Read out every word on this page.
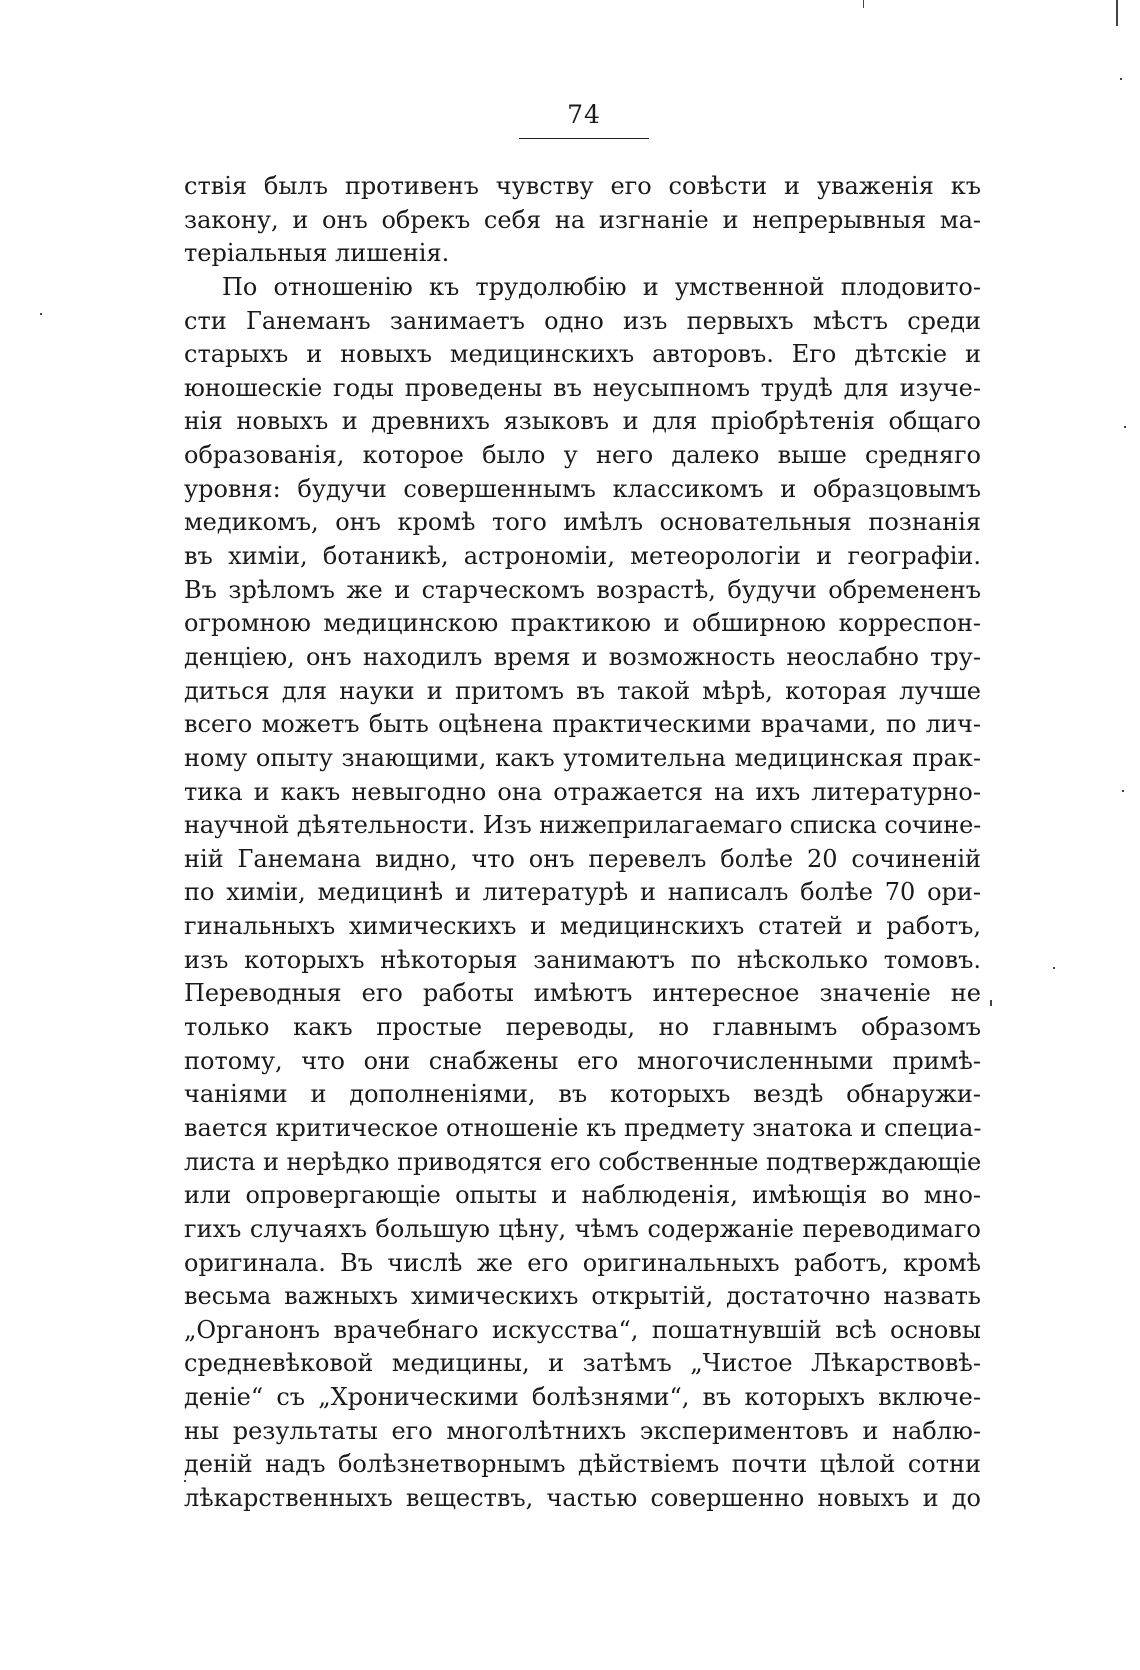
74
ствія былъ противенъ чувству его совѣсти и уваженія къ
закону, и онъ обрекъ себя на изгнаніе и непрерывныя ма-
теріальныя лишенія.
По отношенію къ трудолюбію и умственной плодовито-
сти Ганеманъ занимаетъ одно изъ первыхъ мѣстъ среди
старыхъ и новыхъ медицинскихъ авторовъ. Его дѣтскіе и
юношескіе годы проведены въ неусыпномъ трудѣ для изуче-
нія новыхъ и древнихъ языковъ и для пріобрѣтенія общаго
образованія, которое было у него далеко выше средняго
уровня: будучи совершеннымъ классикомъ и образцовымъ
медикомъ, онъ кромѣ того имѣлъ основательныя познанія
въ химіи, ботаникѣ, астрономіи, метеорологіи и географіи.
Въ зрѣломъ же и старческомъ возрастѣ, будучи обремененъ
огромною медицинскою практикою и обширною корреспон-
денціею, онъ находилъ время и возможность неослабно тру-
диться для науки и притомъ въ такой мѣрѣ, которая лучше
всего можетъ быть оцѣнена практическими врачами, по лич-
ному опыту знающими, какъ утомительна медицинская прак-
тика и какъ невыгодно она отражается на ихъ литературно-
научной дѣятельности. Изъ нижеприлагаемаго списка сочине-
ній Ганемана видно, что онъ перевелъ болѣе 20 сочиненій
по химіи, медицинѣ и литературѣ и написалъ болѣе 70 ори-
гинальныхъ химическихъ и медицинскихъ статей и работъ,
изъ которыхъ нѣкоторыя занимаютъ по нѣсколько томовъ.
Переводныя его работы имѣютъ интересное значеніе не
только какъ простые переводы, но главнымъ образомъ
потому, что они снабжены его многочисленными примѣ-
чаніями и дополненіями, въ которыхъ вездѣ обнаружи-
вается критическое отношеніе къ предмету знатока и специа-
листа и нерѣдко приводятся его собственные подтверждающіе
или опровергающіе опыты и наблюденія, имѣющія во мно-
гихъ случаяхъ большую цѣну, чѣмъ содержаніе переводимаго
оригинала. Въ числѣ же его оригинальныхъ работъ, кромѣ
весьма важныхъ химическихъ открытій, достаточно назвать
„Органонъ врачебнаго искусства“, пошатнувшій всѣ основы
средневѣковой медицины, и затѣмъ „Чистое Лѣкарствовѣ-
деніе“ съ „Хроническими болѣзнями“, въ которыхъ включе-
ны результаты его многолѣтнихъ экспериментовъ и наблю-
деній надъ болѣзнетворнымъ дѣйствіемъ почти цѣлой сотни
лѣкарственныхъ веществъ, частью совершенно новыхъ и до
